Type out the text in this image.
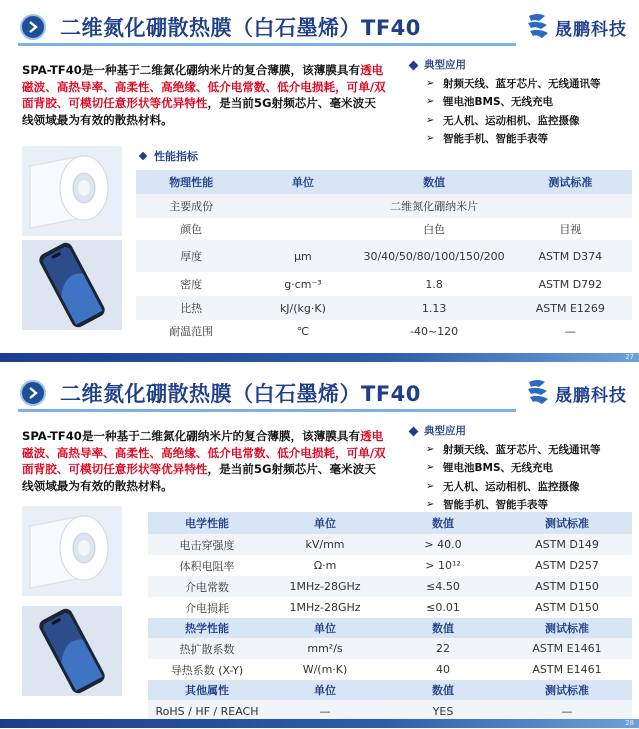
二维氮化硼散热膜（白石墨烯）TF40	晟鹏科技
SPA-TF40是一种基于二维氮化硼纳米片的复合薄膜，该薄膜具有透电磁波、高热导率、高柔性、高绝缘、低介电常数、低介电损耗，可单/双面背胶、可模切任意形状等优异特性，是当前5G射频芯片、毫米波天线领域最为有效的散热材料。
典型应用
➢ 射频天线、蓝牙芯片、无线通讯等
➢ 锂电池BMS、无线充电
➢ 无人机、运动相机、监控摄像
➢ 智能手机、智能手表等
性能指标
物理性能	单位	数值	测试标准
主要成份		二维氮化硼纳米片	
颜色		白色	目视
厚度	μm	30/40/50/80/100/150/200	ASTM D374
密度	g·cm⁻³	1.8	ASTM D792
比热	kJ/(kg·K)	1.13	ASTM E1269
耐温范围	℃	-40~120	—
27
二维氮化硼散热膜（白石墨烯）TF40	晟鹏科技
SPA-TF40是一种基于二维氮化硼纳米片的复合薄膜，该薄膜具有透电磁波、高热导率、高柔性、高绝缘、低介电常数、低介电损耗，可单/双面背胶、可模切任意形状等优异特性，是当前5G射频芯片、毫米波天线领域最为有效的散热材料。
典型应用
➢ 射频天线、蓝牙芯片、无线通讯等
➢ 锂电池BMS、无线充电
➢ 无人机、运动相机、监控摄像
➢ 智能手机、智能手表等
电学性能	单位	数值	测试标准
电击穿强度	kV/mm	> 40.0	ASTM D149
体积电阻率	Ω·m	> 10¹²	ASTM D257
介电常数	1MHz-28GHz	≤4.50	ASTM D150
介电损耗	1MHz-28GHz	≤0.01	ASTM D150
热学性能	单位	数值	测试标准
热扩散系数	mm²/s	22	ASTM E1461
导热系数 (X-Y)	W/(m·K)	40	ASTM E1461
其他属性	单位	数值	测试标准
RoHS / HF / REACH	—	YES	—
28
